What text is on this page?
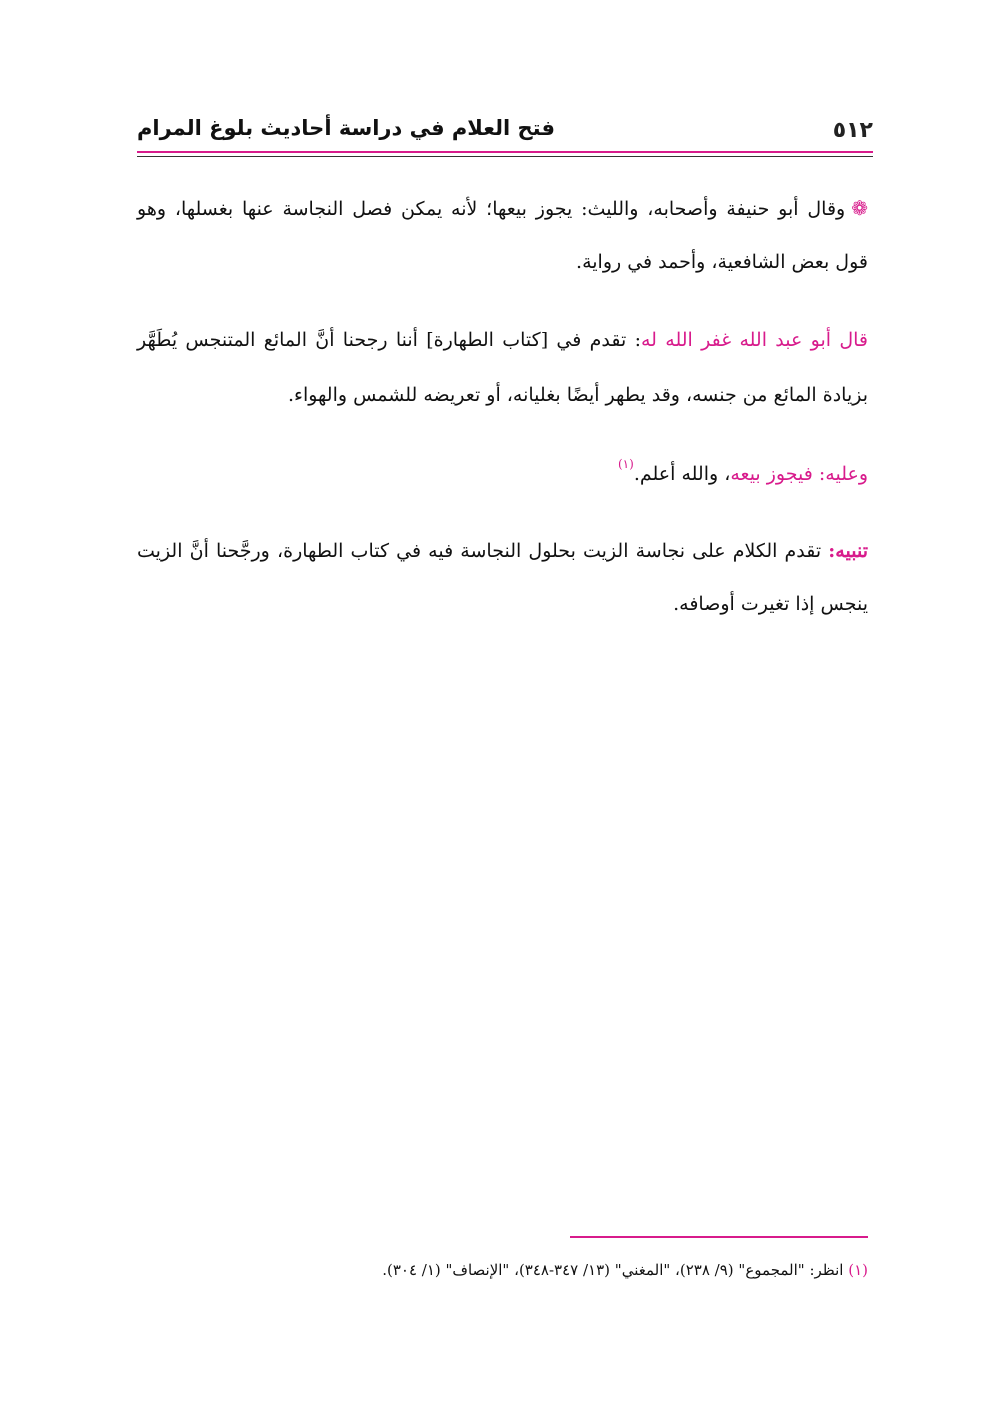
٥١٢
فتح العلام في دراسة أحاديث بلوغ المرام

❁وقال أبو حنيفة وأصحابه، والليث: يجوز بيعها؛ لأنه يمكن فصل النجاسة عنها بغسلها، وهو قول بعض الشافعية، وأحمد في رواية.

قال أبو عبد الله غفر الله له: تقدم في [كتاب الطهارة] أننا رجحنا أنَّ المائع المتنجس يُطَهَّر بزيادة المائع من جنسه، وقد يطهر أيضًا بغليانه، أو تعريضه للشمس والهواء.

وعليه: فيجوز بيعه، والله أعلم.$^{(١)}$

تنبيه: تقدم الكلام على نجاسة الزيت بحلول النجاسة فيه في كتاب الطهارة، ورجَّحنا أنَّ الزيت ينجس إذا تغيرت أوصافه.

(١) انظر: "المجموع" (٩/ ٢٣٨)، "المغني" (١٣/ ٣٤٧-٣٤٨)، "الإنصاف" (١/ ٣٠٤).
